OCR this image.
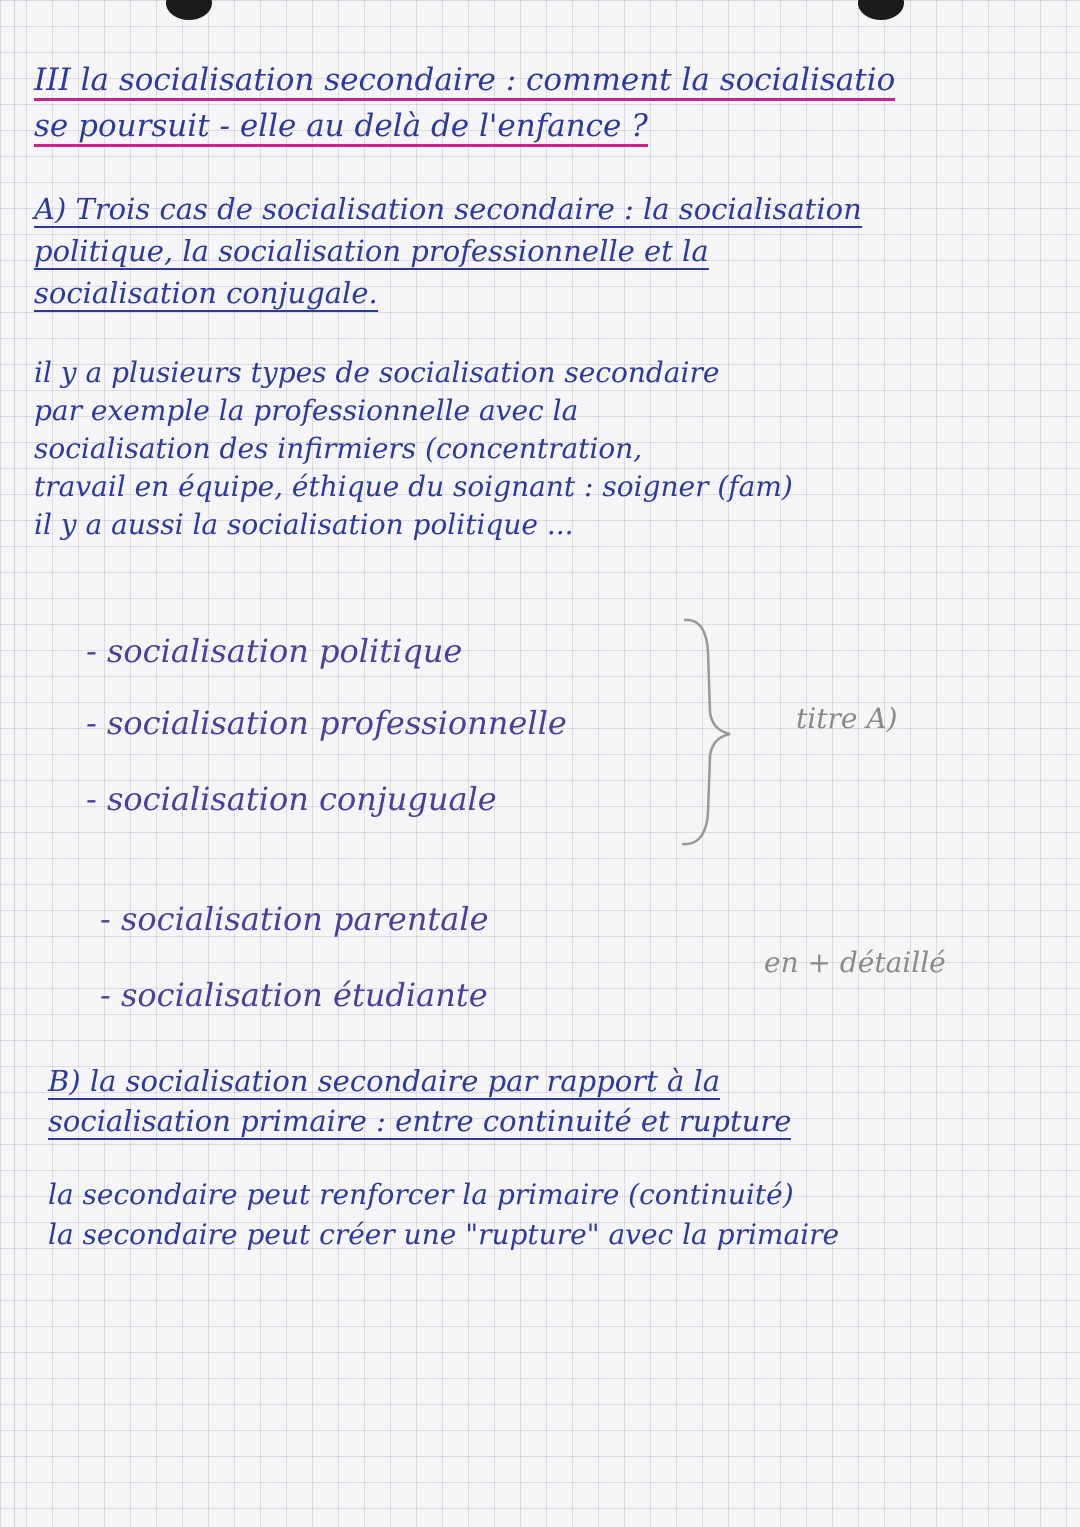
III la socialisation secondaire : comment la socialisatio
se poursuit - elle au delà de l'enfance ?
A) Trois cas de socialisation secondaire : la socialisation
politique, la socialisation professionnelle et la
socialisation conjugale.
il y a plusieurs types de socialisation secondaire
par exemple la professionnelle avec la
socialisation des infirmiers (concentration,
travail en équipe, éthique du soignant : soigner (fam)
il y a aussi la socialisation politique ...
- socialisation politique
- socialisation professionnelle
- socialisation conjuguale
titre A)
- socialisation parentale
- socialisation étudiante
en + détaillé
B) la socialisation secondaire par rapport à la
socialisation primaire : entre continuité et rupture
la secondaire peut renforcer la primaire (continuité)
la secondaire peut créer une "rupture" avec la primaire
